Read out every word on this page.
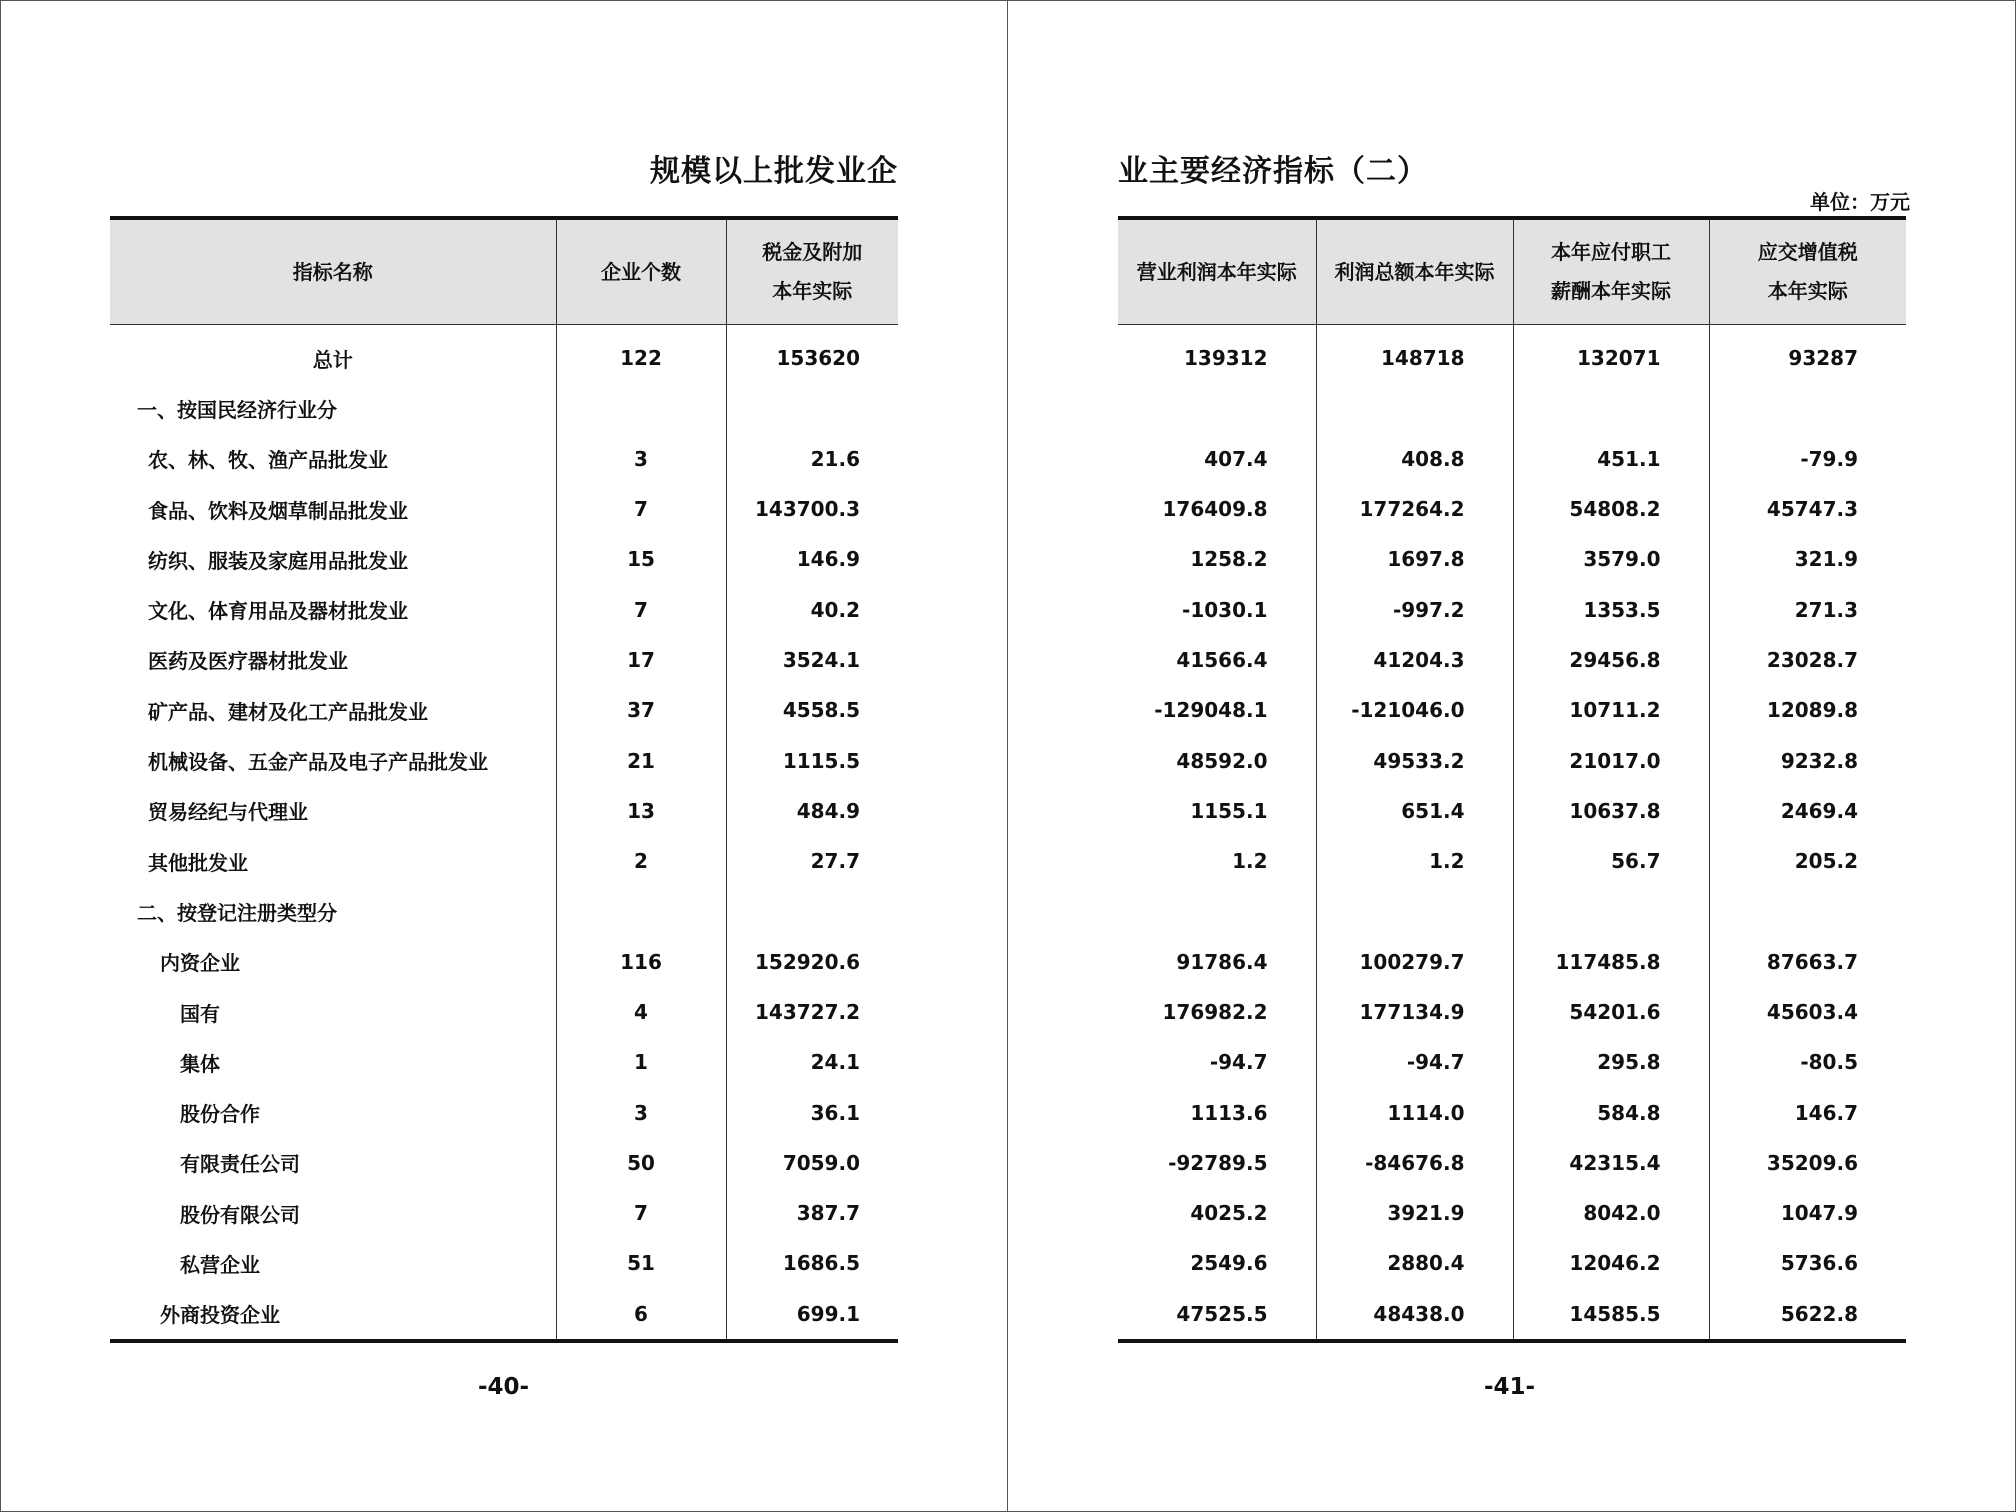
规模以上批发业企
指标名称	企业个数	税金及附加
本年实际
总计	122	153620
一、按国民经济行业分		
农、林、牧、渔产品批发业	3	21.6
食品、饮料及烟草制品批发业	7	143700.3
纺织、服装及家庭用品批发业	15	146.9
文化、体育用品及器材批发业	7	40.2
医药及医疗器材批发业	17	3524.1
矿产品、建材及化工产品批发业	37	4558.5
机械设备、五金产品及电子产品批发业	21	1115.5
贸易经纪与代理业	13	484.9
其他批发业	2	27.7
二、按登记注册类型分		
内资企业	116	152920.6
国有	4	143727.2
集体	1	24.1
股份合作	3	36.1
有限责任公司	50	7059.0
股份有限公司	7	387.7
私营企业	51	1686.5
外商投资企业	6	699.1
-40-
业主要经济指标（二）
单位：万元
营业利润本年实际	利润总额本年实际	本年应付职工
薪酬本年实际	应交增值税
本年实际
139312	148718	132071	93287

407.4	408.8	451.1	-79.9
176409.8	177264.2	54808.2	45747.3
1258.2	1697.8	3579.0	321.9
-1030.1	-997.2	1353.5	271.3
41566.4	41204.3	29456.8	23028.7
-129048.1	-121046.0	10711.2	12089.8
48592.0	49533.2	21017.0	9232.8
1155.1	651.4	10637.8	2469.4
1.2	1.2	56.7	205.2

91786.4	100279.7	117485.8	87663.7
176982.2	177134.9	54201.6	45603.4
-94.7	-94.7	295.8	-80.5
1113.6	1114.0	584.8	146.7
-92789.5	-84676.8	42315.4	35209.6
4025.2	3921.9	8042.0	1047.9
2549.6	2880.4	12046.2	5736.6
47525.5	48438.0	14585.5	5622.8
-41-
